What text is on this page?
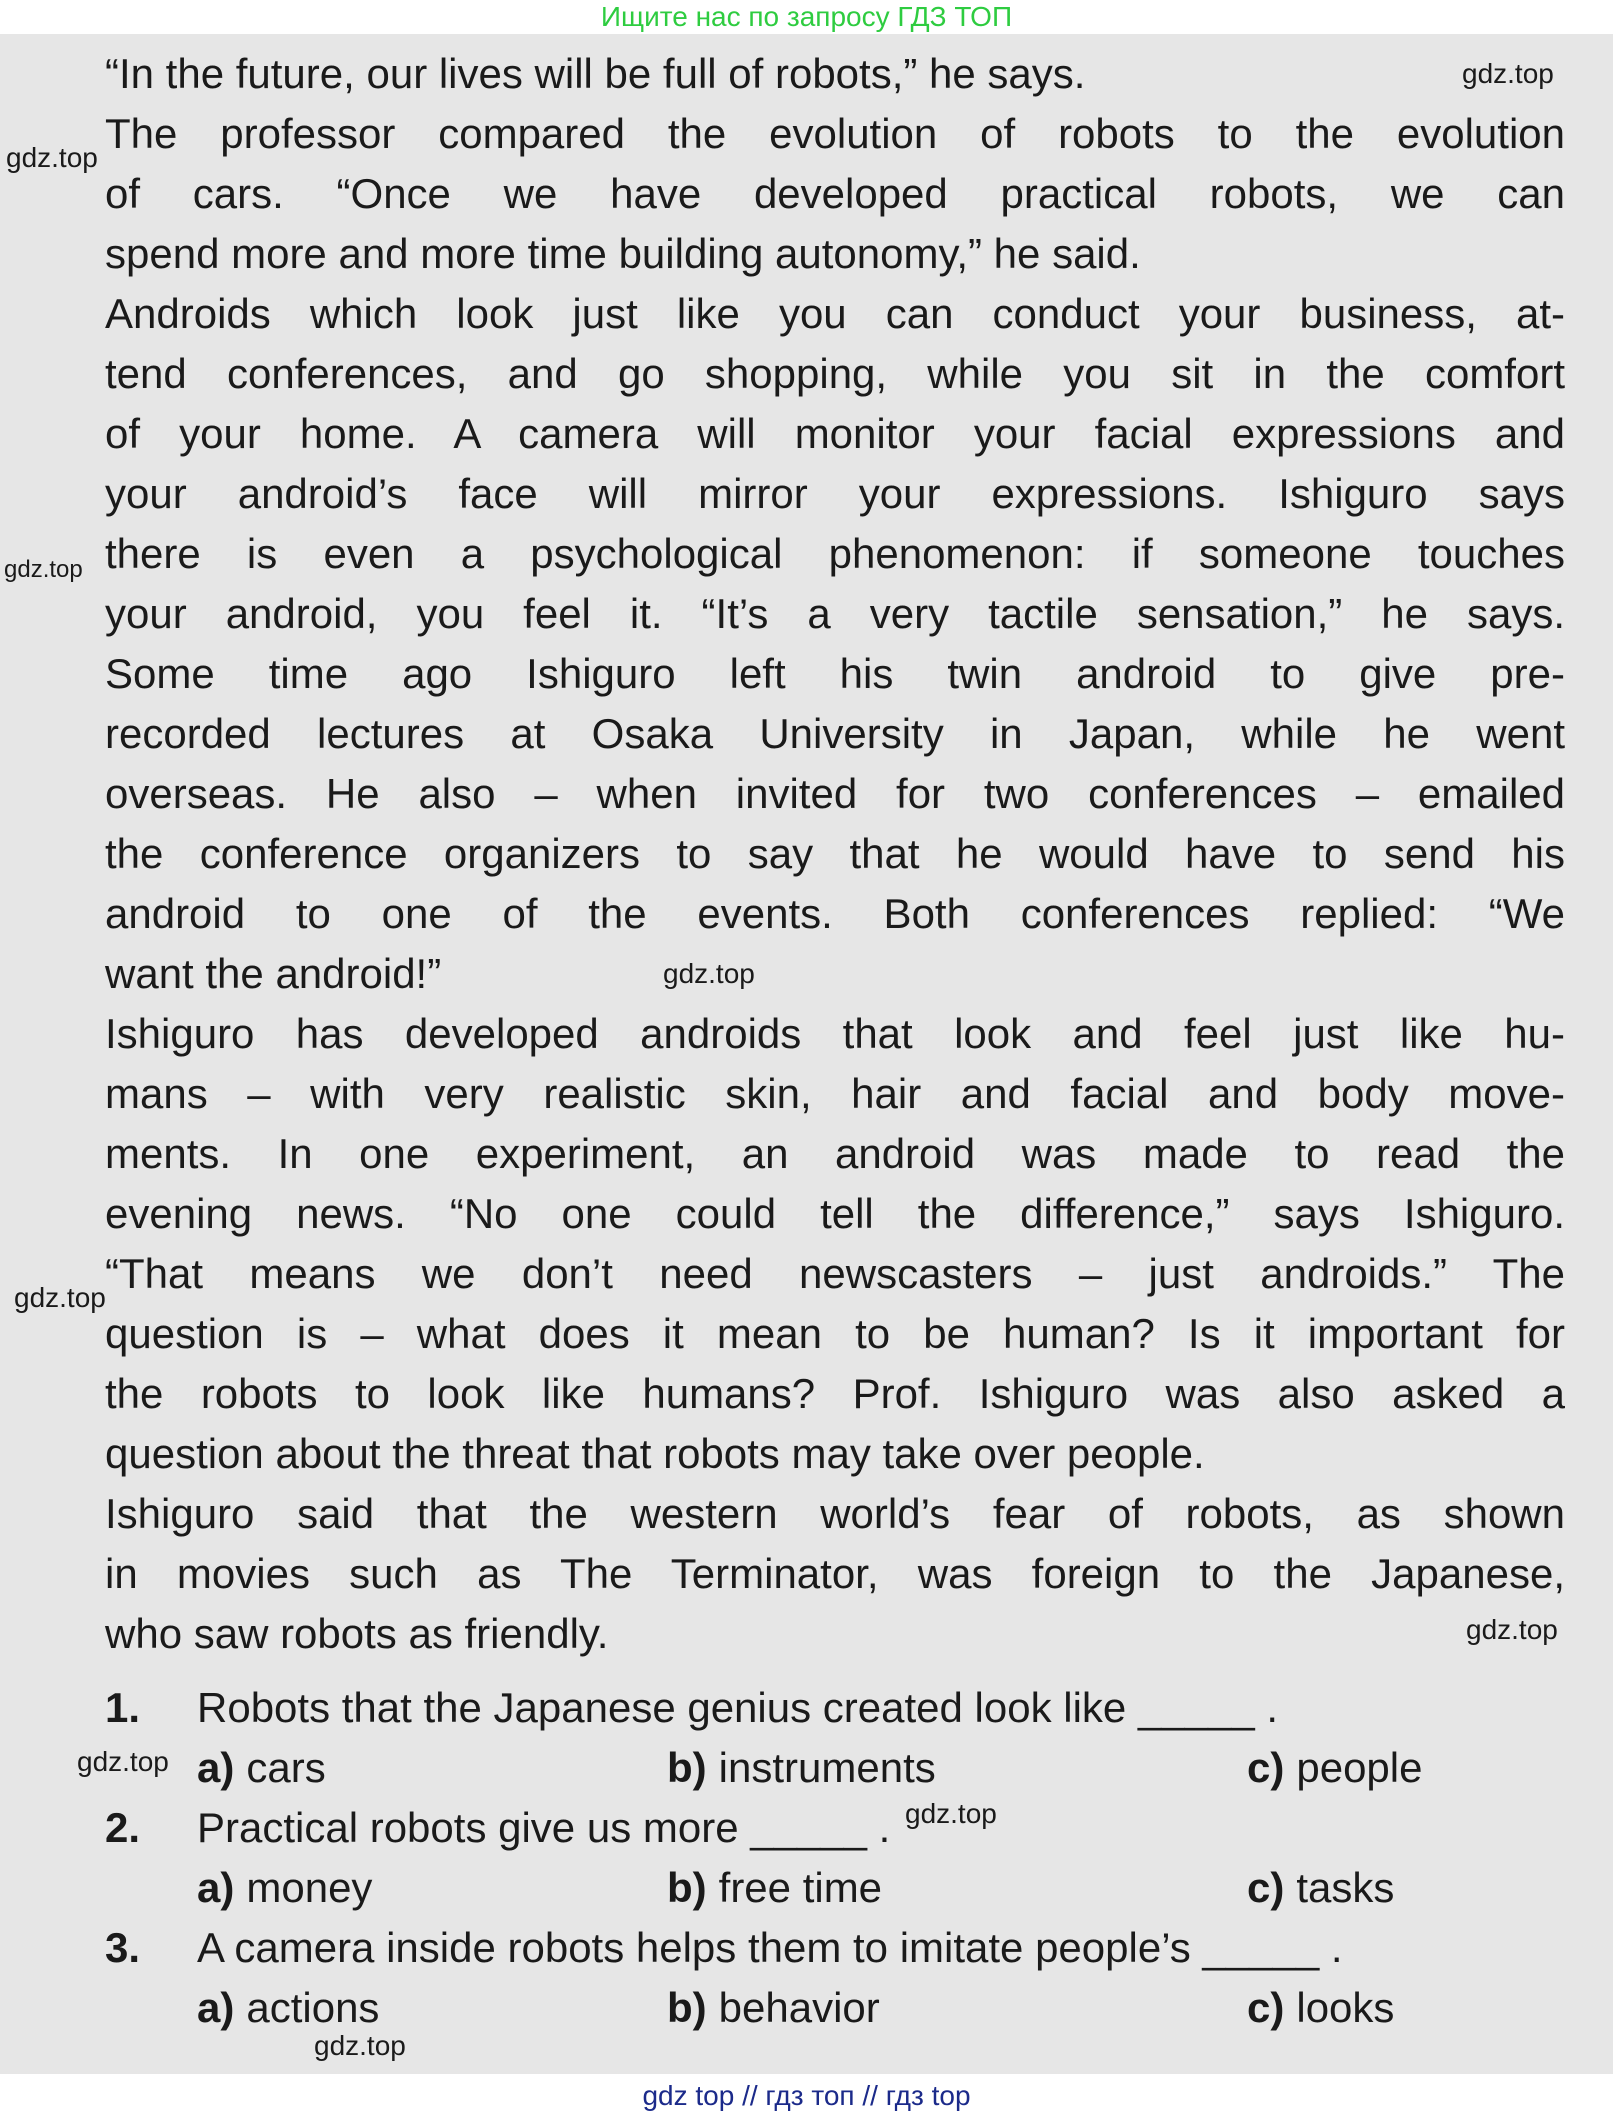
Ищите нас по запросу ГДЗ ТОП
“In the future, our lives will be full of robots,” he says.
The professor compared the evolution of robots to the evolution
of cars. “Once we have developed practical robots, we can
spend more and more time building autonomy,” he said.
Androids which look just like you can conduct your business, at-
tend conferences, and go shopping, while you sit in the comfort
of your home. A camera will monitor your facial expressions and
your android’s face will mirror your expressions. Ishiguro says
there is even a psychological phenomenon: if someone touches
your android, you feel it. “It’s a very tactile sensation,” he says.
Some time ago Ishiguro left his twin android to give pre-
recorded lectures at Osaka University in Japan, while he went
overseas. He also – when invited for two conferences – emailed
the conference organizers to say that he would have to send his
android to one of the events. Both conferences replied: “We
want the android!”
Ishiguro has developed androids that look and feel just like hu-
mans – with very realistic skin, hair and facial and body move-
ments. In one experiment, an android was made to read the
evening news. “No one could tell the difference,” says Ishiguro.
“That means we don’t need newscasters – just androids.” The
question is – what does it mean to be human? Is it important for
the robots to look like humans? Prof. Ishiguro was also asked a
question about the threat that robots may take over people.
Ishiguro said that the western world’s fear of robots, as shown
in movies such as The Terminator, was foreign to the Japanese,
who saw robots as friendly.
1. Robots that the Japanese genius created look like _____ .
a) cars	b) instruments	c) people
2. Practical robots give us more _____ .
a) money	b) free time	c) tasks
3. A camera inside robots helps them to imitate people’s _____ .
a) actions	b) behavior	c) looks
gdz.top
gdz.top
gdz.top
gdz.top
gdz.top
gdz.top
gdz.top
gdz.top
gdz.top
gdz top // гдз топ // гдз top
